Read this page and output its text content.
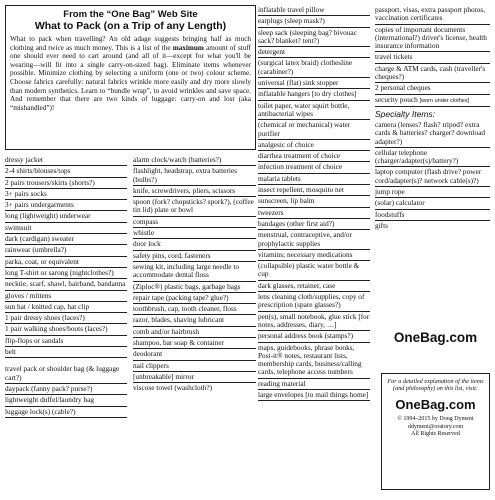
From the “One Bag” Web Site
What to Pack (on a Trip of any Length)

What to pack when travelling? An old adage suggests bringing half as much clothing and twice as much money. This is a list of the maximum amount of stuff one should ever need to cart around (and all of it—except for what you'll be wearing—will fit into a single carry-on-sized bag). Eliminate items whenever possible. Minimize clothing by selecting a uniform (one or two) colour scheme. Choose fabrics carefully: natural fabrics wrinkle more easily and dry more slowly than modern synthetics. Learn to “bundle wrap”, to avoid wrinkles and save space. And remember that there are two kinds of luggage: carry-on and lost (aka “mishandled”)!

dressy jacket
2-4 shirts/blouses/tops
2 pairs trousers/skirts (shorts?)
3+ pairs socks
3+ pairs undergarments
long (lightweight) underwear
swimsuit
dark (cardigan) sweater
rainwear (umbrella?)
parka, coat, or equivalent
long T-shirt or sarong (nightclothes?)
necktie, scarf, shawl, hairband, bandanna
gloves / mittens
sun hat / knitted cap, hat clip
1 pair dressy shoes (laces?)
1 pair walking shoes/boots (laces?)
flip-flops or sandals
belt
travel pack or shoulder bag (& luggage cart?)
daypack (fanny pack? purse?)
lightweight duffel/laundry bag
luggage lock(s) (cable?)
alarm clock/watch (batteries?)
flashlight, headstrap, extra batteries (bulbs?)
knife, screwdrivers, pliers, scissors
spoon (fork? chopsticks? spork?), (coffee tin lid) plate or bowl
compass
whistle
door lock
safety pins, cord, fasteners
sewing kit, including large needle to accommodate dental floss
(Ziploc®) plastic bags, garbage bags
repair tape (packing tape? glue?)
toothbrush, cap, tooth cleaner, floss
razor, blades, shaving lubricant
comb and/or hairbrush
shampoo, bar soap & container
deodorant
nail clippers
[unbreakable] mirror
viscose towel (washcloth?)
inflatable travel pillow
earplugs (sleep mask?)
sleep sack (sleeping bag? bivouac sack? blanket? tent?)
detergent
(surgical latex braid) clothesline (carabiner?)
universal (flat) sink stopper
inflatable hangers [to dry clothes]
toilet paper, water squirt bottle, antibacterial wipes
(chemical or mechanical) water purifier
analgesic of choice
diarrhea treatment of choice
infection treatment of choice
malaria tablets
insect repellent, mosquito net
sunscreen, lip balm
tweezers
bandages (other first aid?)
menstrual, contraceptive, and/or prophylactic supplies
vitamins; necessary medications
(collapsible) plastic water bottle & cup
dark glasses, retainer, case
lens cleaning cloth/supplies, copy of prescription (spare glasses?)
pen(s), small notebook, glue stick [for notes, addresses, diary, …]
personal address book (stamps?)
maps, guidebooks, phrase books, Post-it® notes, restaurant lists, membership cards, business/calling cards, telephone access numbers
reading material
large envelopes [to mail things home]
passport, visas, extra passport photos, vaccination certificates
copies of important documents (international?) driver's license, health insurance information
travel tickets
charge & ATM cards, cash (traveller's cheques?)
2 personal cheques
security pouch [worn under clothes]
Specialty Items:
camera (lenses? flash? tripod? extra cards & batteries? charger? download adapter?)
cellular telephone (charger/adapter(s)/battery?)
laptop computer (flash drive? power cord/adapter(s)? network cable(s)?)
jump rope
(solar) calculator
foodstuffs
gifts
OneBag.com
For a detailed explanation of the items (and philosophy) on this list, visit:
OneBag.com
© 1994–2015 by Doug Dyment
ddyment@oratory.com
All Rights Reserved
